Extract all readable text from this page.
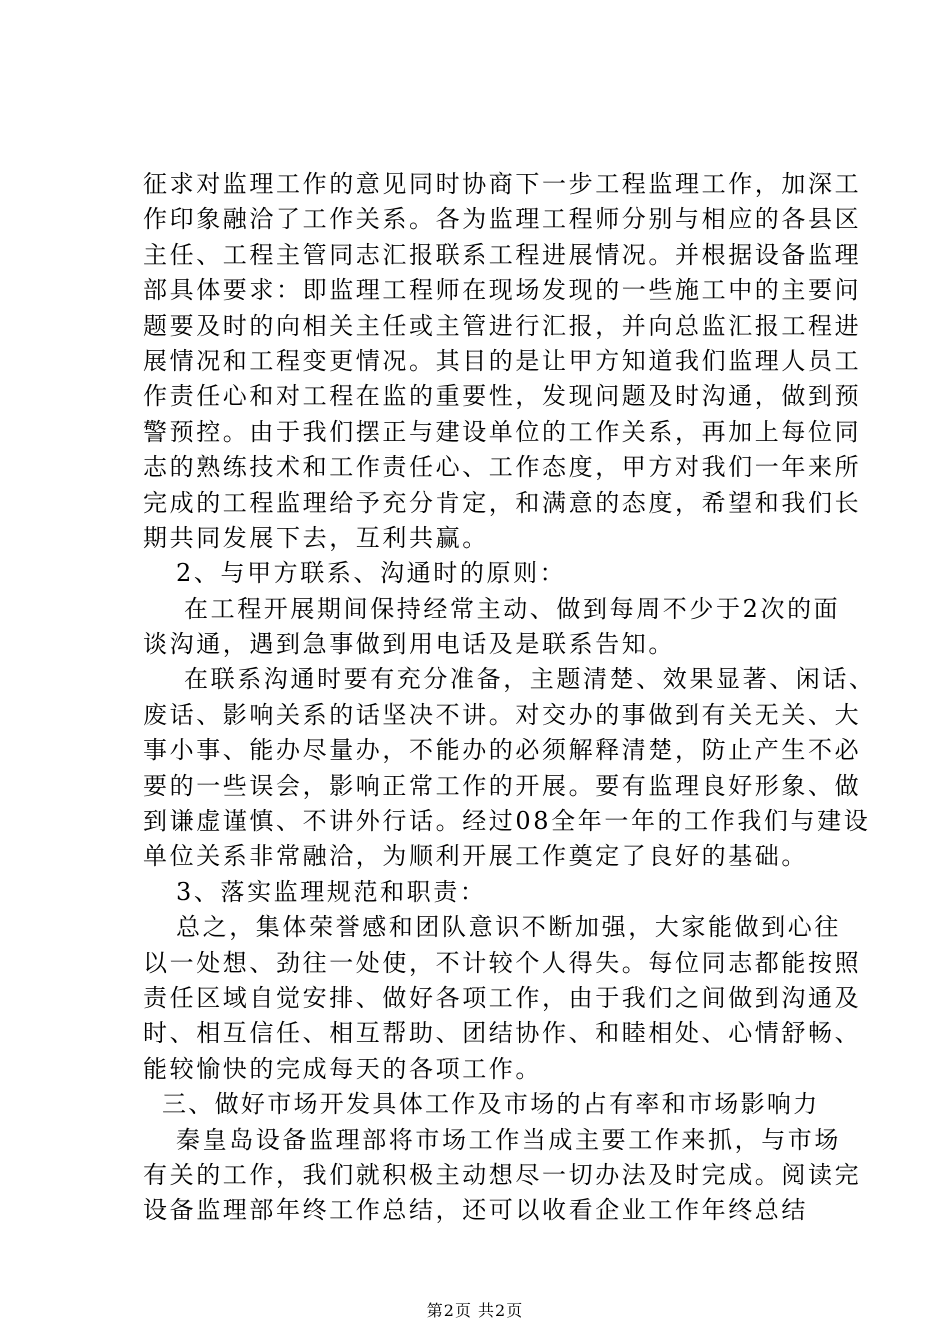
征求对监理工作的意见同时协商下一步工程监理工作，加深工
作印象融洽了工作关系。各为监理工程师分别与相应的各县区
主任、工程主管同志汇报联系工程进展情况。并根据设备监理
部具体要求：即监理工程师在现场发现的一些施工中的主要问
题要及时的向相关主任或主管进行汇报，并向总监汇报工程进
展情况和工程变更情况。其目的是让甲方知道我们监理人员工
作责任心和对工程在监的重要性，发现问题及时沟通，做到预
警预控。由于我们摆正与建设单位的工作关系，再加上每位同
志的熟练技术和工作责任心、工作态度，甲方对我们一年来所
完成的工程监理给予充分肯定，和满意的态度，希望和我们长
期共同发展下去，互利共赢。
2、与甲方联系、沟通时的原则：
在工程开展期间保持经常主动、做到每周不少于2次的面
谈沟通，遇到急事做到用电话及是联系告知。
在联系沟通时要有充分准备，主题清楚、效果显著、闲话、
废话、影响关系的话坚决不讲。对交办的事做到有关无关、大
事小事、能办尽量办，不能办的必须解释清楚，防止产生不必
要的一些误会，影响正常工作的开展。要有监理良好形象、做
到谦虚谨慎、不讲外行话。经过08全年一年的工作我们与建设
单位关系非常融洽，为顺利开展工作奠定了良好的基础。
3、落实监理规范和职责：
总之，集体荣誉感和团队意识不断加强，大家能做到心往
以一处想、劲往一处使，不计较个人得失。每位同志都能按照
责任区域自觉安排、做好各项工作，由于我们之间做到沟通及
时、相互信任、相互帮助、团结协作、和睦相处、心情舒畅、
能较愉快的完成每天的各项工作。
三、做好市场开发具体工作及市场的占有率和市场影响力
秦皇岛设备监理部将市场工作当成主要工作来抓，与市场
有关的工作，我们就积极主动想尽一切办法及时完成。阅读完
设备监理部年终工作总结，还可以收看企业工作年终总结
第2页 共2页
